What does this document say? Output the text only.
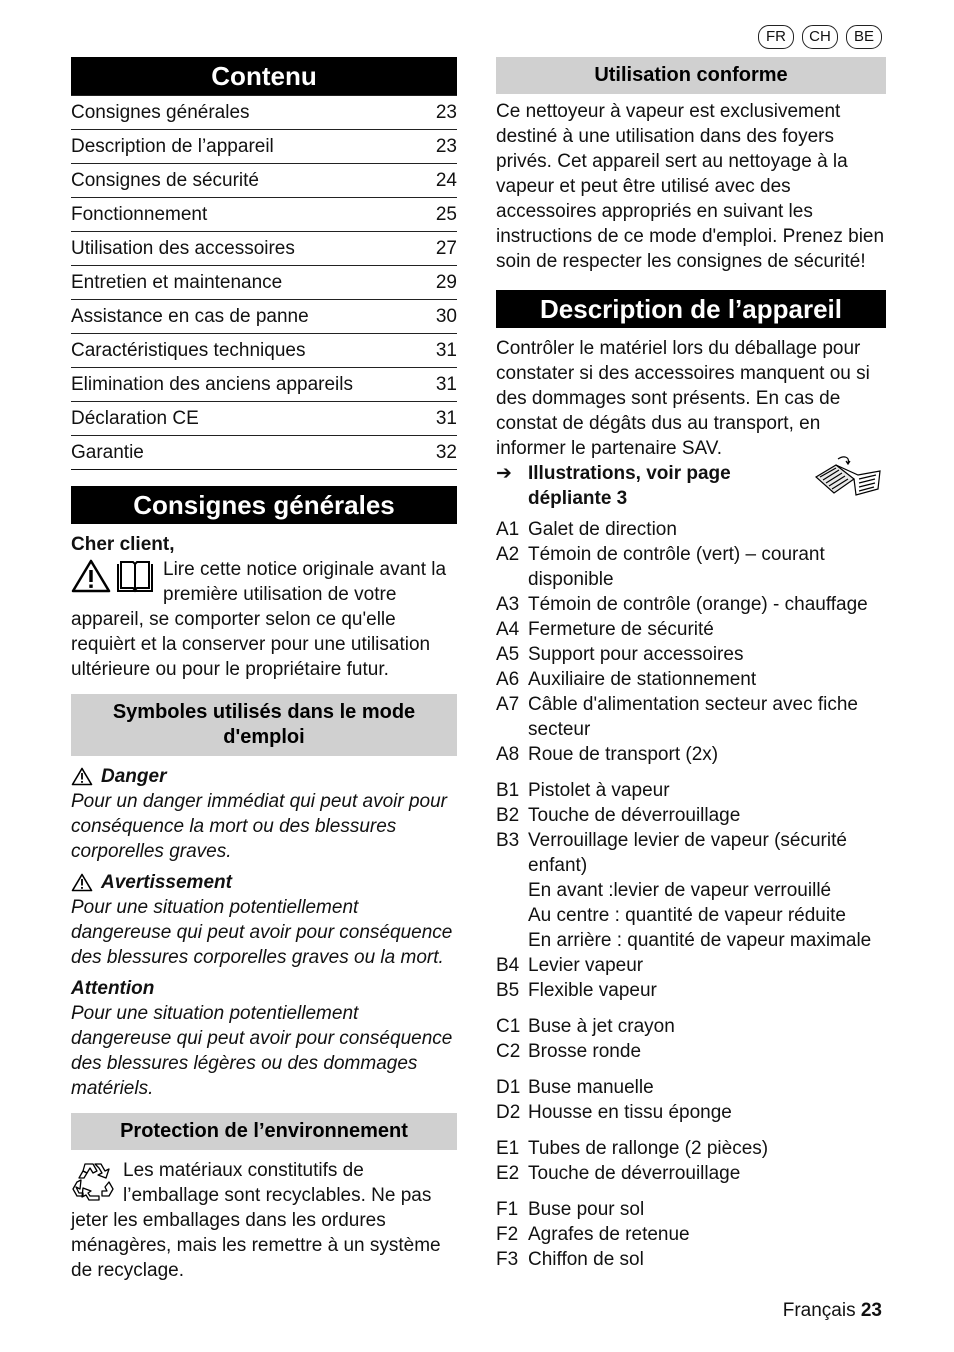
FR	CH	BE
Contenu
Consignes générales	23
Description de l’appareil	23
Consignes de sécurité	24
Fonctionnement	25
Utilisation des accessoires	27
Entretien et maintenance	29
Assistance en cas de panne	30
Caractéristiques techniques	31
Elimination des anciens appareils	31
Déclaration CE	31
Garantie	32
Consignes générales

Cher client,

Lire cette notice originale avant la première utilisation de votre appareil, se comporter selon ce qu'elle requièrt et la conserver pour une utilisation ultérieure ou pour le propriétaire futur.

Symboles utilisés dans le mode d'emploi
Danger

Pour un danger immédiat qui peut avoir pour conséquence la mort ou des blessures corporelles graves.

Avertissement

Pour une situation potentiellement dangereuse qui peut avoir pour conséquence des blessures corporelles graves ou la mort.

Attention

Pour une situation potentiellement dangereuse qui peut avoir pour conséquence des blessures légères ou des dommages matériels.

Protection de l’environnement

Les matériaux constitutifs de l’emballage sont recyclables. Ne pas jeter les emballages dans les ordures ménagères, mais les remettre à un système de recyclage.

Utilisation conforme

Ce nettoyeur à vapeur est exclusivement destiné à une utilisation dans des foyers privés. Cet appareil sert au nettoyage à la vapeur et peut être utilisé avec des accessoires appropriés en suivant les instructions de ce mode d'emploi. Prenez bien soin de respecter les consignes de sécurité!

Description de l’appareil

Contrôler le matériel lors du déballage pour constater si des accessoires manquent ou si des dommages sont présents. En cas de constat de dégâts dus au transport, en informer le partenaire SAV.

➔ Illustrations, voir page dépliante 3
A1 Galet de direction
A2 Témoin de contrôle (vert) – courant disponible
A3 Témoin de contrôle (orange) - chauffage
A4 Fermeture de sécurité
A5 Support pour accessoires
A6 Auxiliaire de stationnement
A7 Câble d'alimentation secteur avec fiche secteur
A8 Roue de transport (2x)
B1 Pistolet à vapeur
B2 Touche de déverrouillage
B3 Verrouillage levier de vapeur (sécurité enfant)
En avant :levier de vapeur verrouillé
Au centre : quantité de vapeur réduite
En arrière : quantité de vapeur maximale
B4 Levier vapeur
B5 Flexible vapeur
C1 Buse à jet crayon
C2 Brosse ronde
D1 Buse manuelle
D2 Housse en tissu éponge
E1 Tubes de rallonge (2 pièces)
E2 Touche de déverrouillage
F1 Buse pour sol
F2 Agrafes de retenue
F3 Chiffon de sol
Français 23
